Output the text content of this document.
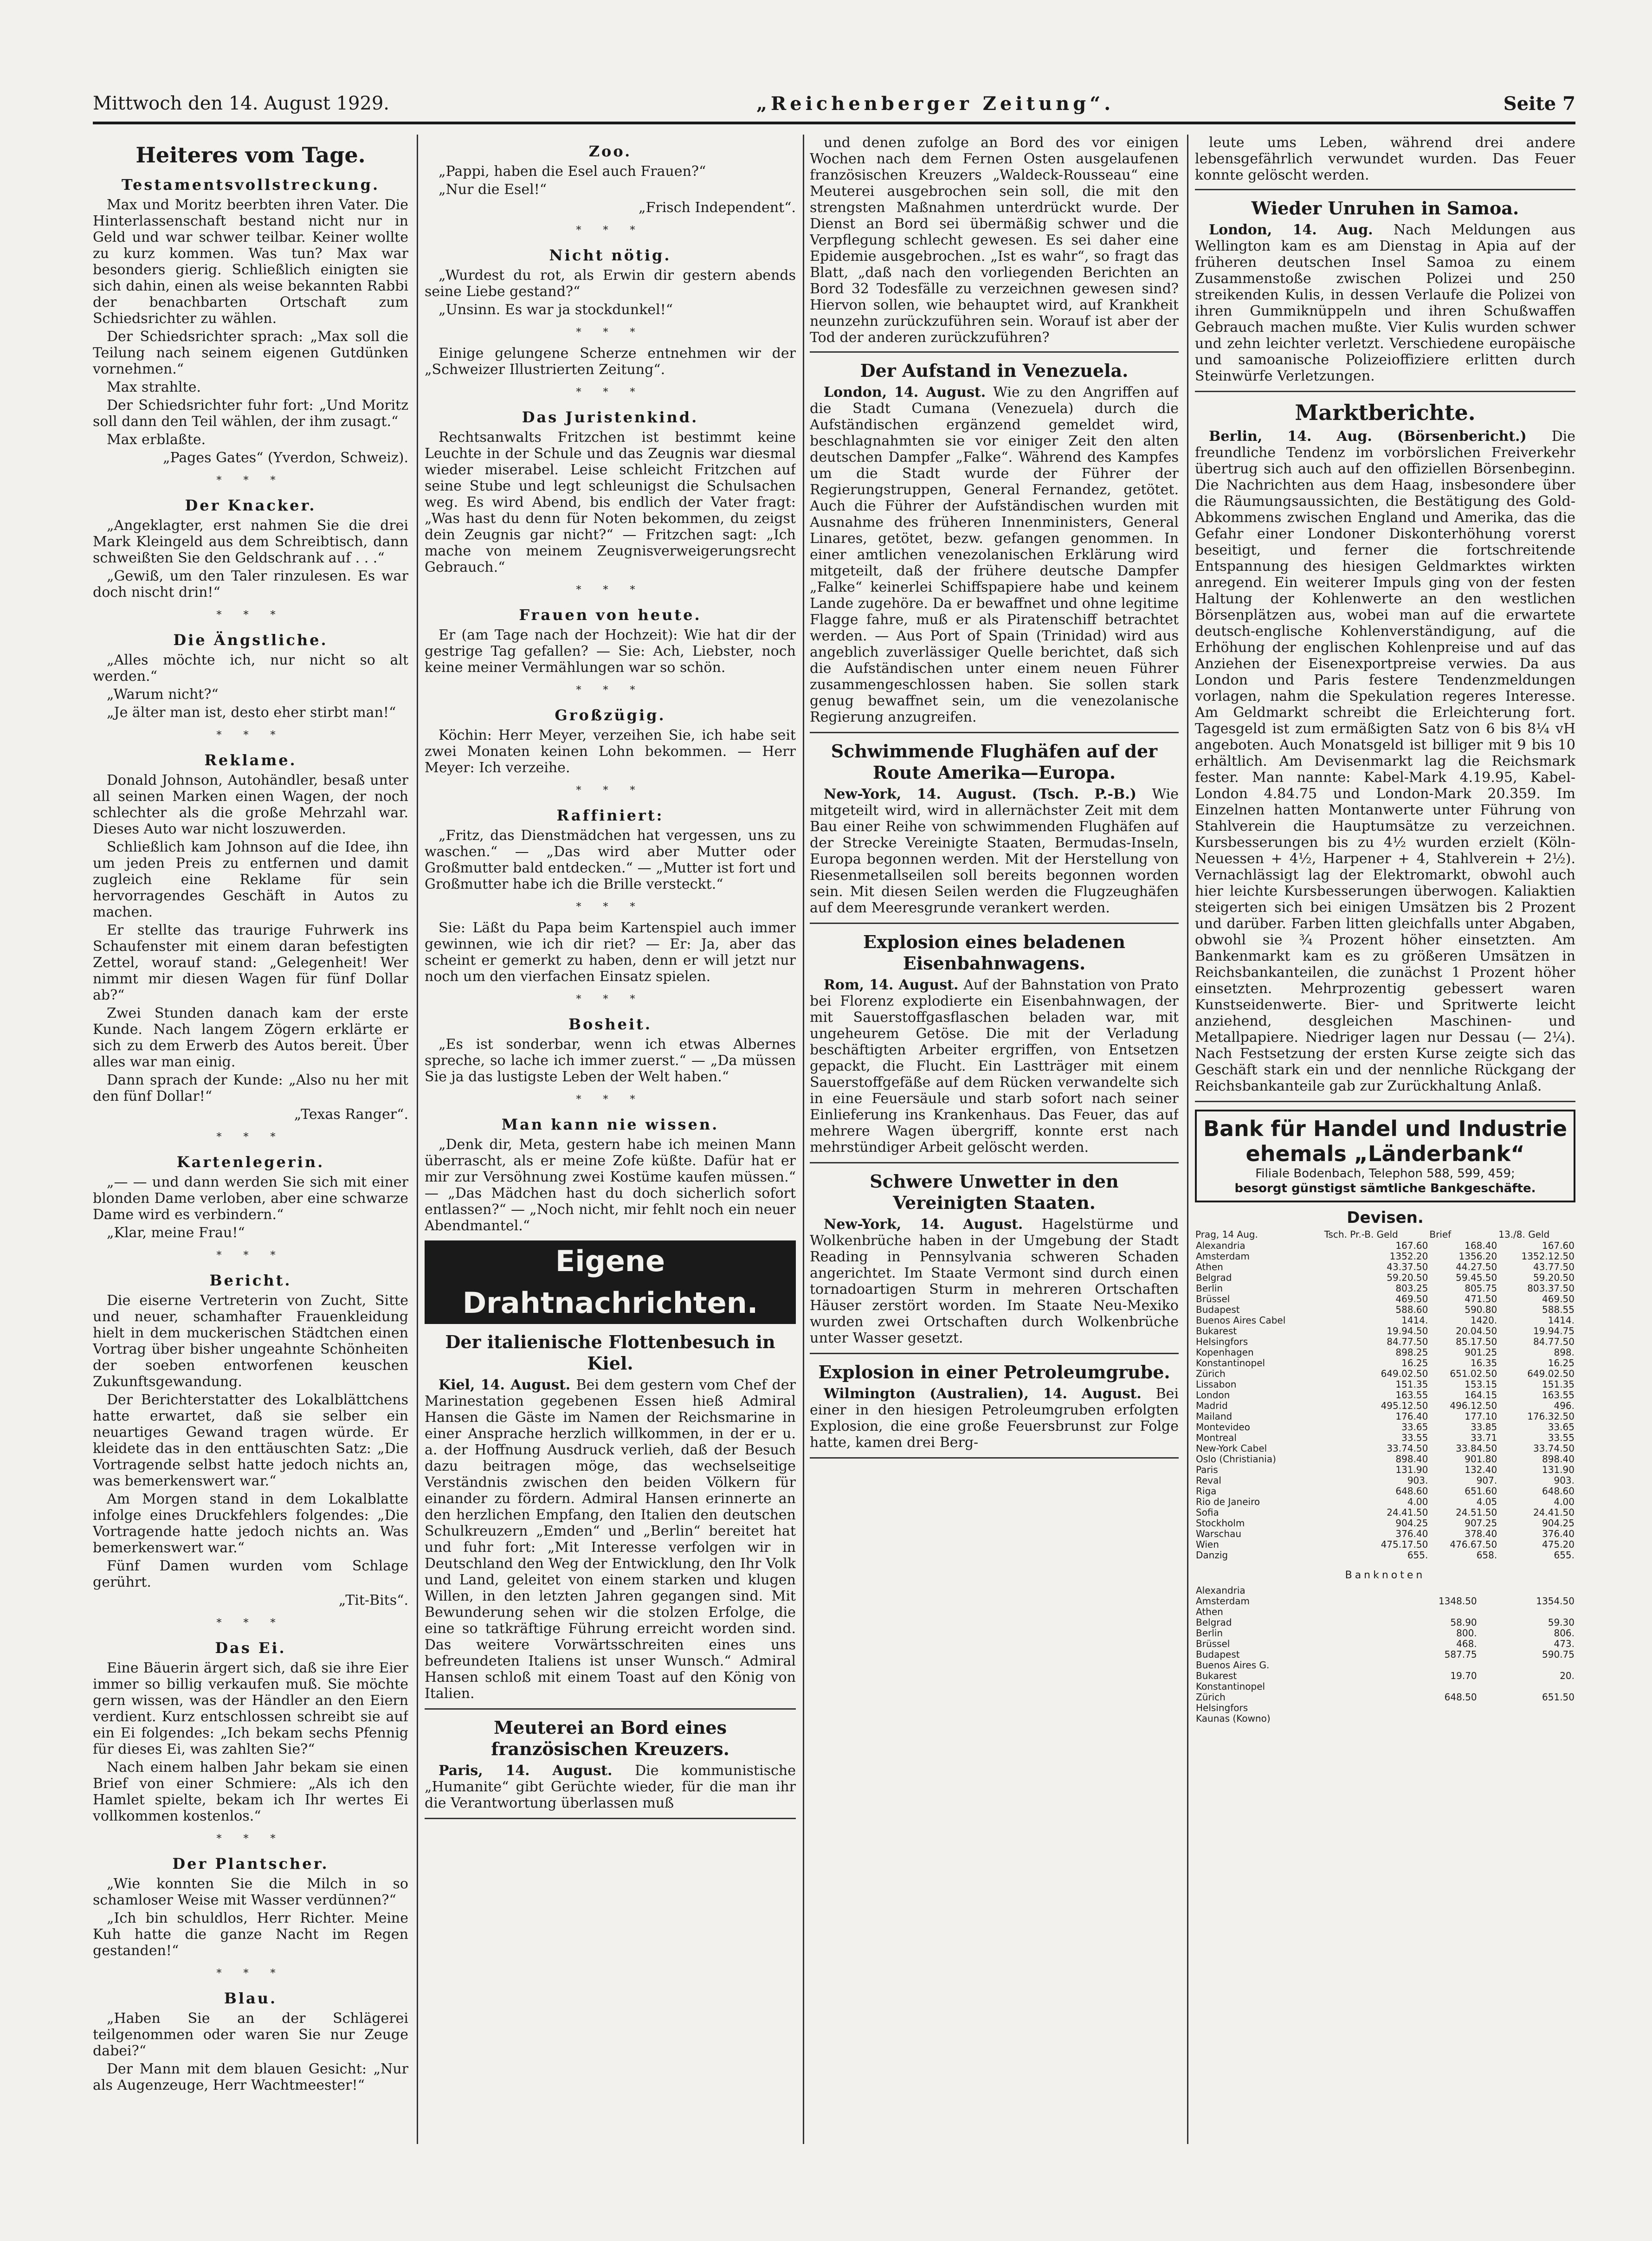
Mittwoch den 14. August 1929.	„Reichenberger Zeitung“.	Seite 7
Heiteres vom Tage.
Testamentsvollstreckung.

Max und Moritz beerbten ihren Vater. Die Hinterlassenschaft bestand nicht nur in Geld und war schwer teilbar. Keiner wollte zu kurz kommen. Was tun? Max war besonders gierig. Schließlich einigten sie sich dahin, einen als weise bekannten Rabbi der benachbarten Ortschaft zum Schiedsrichter zu wählen.

Der Schiedsrichter sprach: „Max soll die Teilung nach seinem eigenen Gutdünken vornehmen.“

Max strahlte.

Der Schiedsrichter fuhr fort: „Und Moritz soll dann den Teil wählen, der ihm zusagt.“

Max erblaßte.

„Pages Gates“ (Yverdon, Schweiz).

* * *
Der Knacker.

„Angeklagter, erst nahmen Sie die drei Mark Kleingeld aus dem Schreibtisch, dann schweißten Sie den Geldschrank auf . . .“

„Gewiß, um den Taler rinzulesen. Es war doch nischt drin!“

* * *
Die Ängstliche.

„Alles möchte ich, nur nicht so alt werden.“

„Warum nicht?“

„Je älter man ist, desto eher stirbt man!“

* * *
Reklame.

Donald Johnson, Autohändler, besaß unter all seinen Marken einen Wagen, der noch schlechter als die große Mehrzahl war. Dieses Auto war nicht loszuwerden.

Schließlich kam Johnson auf die Idee, ihn um jeden Preis zu entfernen und damit zugleich eine Reklame für sein hervorragendes Geschäft in Autos zu machen.

Er stellte das traurige Fuhrwerk ins Schaufenster mit einem daran befestigten Zettel, worauf stand: „Gelegenheit! Wer nimmt mir diesen Wagen für fünf Dollar ab?“

Zwei Stunden danach kam der erste Kunde. Nach langem Zögern erklärte er sich zu dem Erwerb des Autos bereit. Über alles war man einig.

Dann sprach der Kunde: „Also nu her mit den fünf Dollar!“

„Texas Ranger“.

* * *
Kartenlegerin.

„— — und dann werden Sie sich mit einer blonden Dame verloben, aber eine schwarze Dame wird es verbindern.“

„Klar, meine Frau!“

* * *
Bericht.

Die eiserne Vertreterin von Zucht, Sitte und neuer, schamhafter Frauenkleidung hielt in dem muckerischen Städtchen einen Vortrag über bisher ungeahnte Schönheiten der soeben entworfenen keuschen Zukunftsgewandung.

Der Berichterstatter des Lokalblättchens hatte erwartet, daß sie selber ein neuartiges Gewand tragen würde. Er kleidete das in den enttäuschten Satz: „Die Vortragende selbst hatte jedoch nichts an, was bemerkenswert war.“

Am Morgen stand in dem Lokalblatte infolge eines Druckfehlers folgendes: „Die Vortragende hatte jedoch nichts an. Was bemerkenswert war.“

Fünf Damen wurden vom Schlage gerührt.

„Tit-Bits“.

* * *
Das Ei.

Eine Bäuerin ärgert sich, daß sie ihre Eier immer so billig verkaufen muß. Sie möchte gern wissen, was der Händler an den Eiern verdient. Kurz entschlossen schreibt sie auf ein Ei folgendes: „Ich bekam sechs Pfennig für dieses Ei, was zahlten Sie?“

Nach einem halben Jahr bekam sie einen Brief von einer Schmiere: „Als ich den Hamlet spielte, bekam ich Ihr wertes Ei vollkommen kostenlos.“

* * *
Der Plantscher.

„Wie konnten Sie die Milch in so schamloser Weise mit Wasser verdünnen?“

„Ich bin schuldlos, Herr Richter. Meine Kuh hatte die ganze Nacht im Regen gestanden!“

* * *
Blau.

„Haben Sie an der Schlägerei teilgenommen oder waren Sie nur Zeuge dabei?“

Der Mann mit dem blauen Gesicht: „Nur als Augenzeuge, Herr Wachtmeester!“

Zoo.

„Pappi, haben die Esel auch Frauen?“

„Nur die Esel!“

„Frisch Independent“.

* * *
Nicht nötig.

„Wurdest du rot, als Erwin dir gestern abends seine Liebe gestand?“

„Unsinn. Es war ja stockdunkel!“

* * *

Einige gelungene Scherze entnehmen wir der „Schweizer Illustrierten Zeitung“.

* * *
Das Juristenkind.

Rechtsanwalts Fritzchen ist bestimmt keine Leuchte in der Schule und das Zeugnis war diesmal wieder miserabel. Leise schleicht Fritzchen auf seine Stube und legt schleunigst die Schulsachen weg. Es wird Abend, bis endlich der Vater fragt: „Was hast du denn für Noten bekommen, du zeigst dein Zeugnis gar nicht?“ — Fritzchen sagt: „Ich mache von meinem Zeugnisverweigerungsrecht Gebrauch.“

* * *
Frauen von heute.

Er (am Tage nach der Hochzeit): Wie hat dir der gestrige Tag gefallen? — Sie: Ach, Liebster, noch keine meiner Vermählungen war so schön.

* * *
Großzügig.

Köchin: Herr Meyer, verzeihen Sie, ich habe seit zwei Monaten keinen Lohn bekommen. — Herr Meyer: Ich verzeihe.

* * *
Raffiniert:

„Fritz, das Dienstmädchen hat vergessen, uns zu waschen.“ — „Das wird aber Mutter oder Großmutter bald entdecken.“ — „Mutter ist fort und Großmutter habe ich die Brille versteckt.“

* * *

Sie: Läßt du Papa beim Kartenspiel auch immer gewinnen, wie ich dir riet? — Er: Ja, aber das scheint er gemerkt zu haben, denn er will jetzt nur noch um den vierfachen Einsatz spielen.

* * *
Bosheit.

„Es ist sonderbar, wenn ich etwas Albernes spreche, so lache ich immer zuerst.“ — „Da müssen Sie ja das lustigste Leben der Welt haben.“

* * *
Man kann nie wissen.

„Denk dir, Meta, gestern habe ich meinen Mann überrascht, als er meine Zofe küßte. Dafür hat er mir zur Versöhnung zwei Kostüme kaufen müssen.“ — „Das Mädchen hast du doch sicherlich sofort entlassen?“ — „Noch nicht, mir fehlt noch ein neuer Abendmantel.“

Eigene Drahtnachrichten.
Der italienische Flottenbesuch in Kiel.

Kiel, 14. August. Bei dem gestern vom Chef der Marinestation gegebenen Essen hieß Admiral Hansen die Gäste im Namen der Reichsmarine in einer Ansprache herzlich willkommen, in der er u. a. der Hoffnung Ausdruck verlieh, daß der Besuch dazu beitragen möge, das wechselseitige Verständnis zwischen den beiden Völkern für einander zu fördern. Admiral Hansen erinnerte an den herzlichen Empfang, den Italien den deutschen Schulkreuzern „Emden“ und „Berlin“ bereitet hat und fuhr fort: „Mit Interesse verfolgen wir in Deutschland den Weg der Entwicklung, den Ihr Volk und Land, geleitet von einem starken und klugen Willen, in den letzten Jahren gegangen sind. Mit Bewunderung sehen wir die stolzen Erfolge, die eine so tatkräftige Führung erreicht worden sind. Das weitere Vorwärtsschreiten eines uns befreundeten Italiens ist unser Wunsch.“ Admiral Hansen schloß mit einem Toast auf den König von Italien.

Meuterei an Bord eines französischen Kreuzers.

Paris, 14. August. Die kommunistische „Humanite“ gibt Gerüchte wieder, für die man ihr die Verantwortung überlassen muß

und denen zufolge an Bord des vor einigen Wochen nach dem Fernen Osten ausgelaufenen französischen Kreuzers „Waldeck-Rousseau“ eine Meuterei ausgebrochen sein soll, die mit den strengsten Maßnahmen unterdrückt wurde. Der Dienst an Bord sei übermäßig schwer und die Verpflegung schlecht gewesen. Es sei daher eine Epidemie ausgebrochen. „Ist es wahr“, so fragt das Blatt, „daß nach den vorliegenden Berichten an Bord 32 Todesfälle zu verzeichnen gewesen sind? Hiervon sollen, wie behauptet wird, auf Krankheit neunzehn zurückzuführen sein. Worauf ist aber der Tod der anderen zurückzuführen?

Der Aufstand in Venezuela.

London, 14. August. Wie zu den Angriffen auf die Stadt Cumana (Venezuela) durch die Aufständischen ergänzend gemeldet wird, beschlagnahmten sie vor einiger Zeit den alten deutschen Dampfer „Falke“. Während des Kampfes um die Stadt wurde der Führer der Regierungstruppen, General Fernandez, getötet. Auch die Führer der Aufständischen wurden mit Ausnahme des früheren Innenministers, General Linares, getötet, bezw. gefangen genommen. In einer amtlichen venezolanischen Erklärung wird mitgeteilt, daß der frühere deutsche Dampfer „Falke“ keinerlei Schiffspapiere habe und keinem Lande zugehöre. Da er bewaffnet und ohne legitime Flagge fahre, muß er als Piratenschiff betrachtet werden. — Aus Port of Spain (Trinidad) wird aus angeblich zuverlässiger Quelle berichtet, daß sich die Aufständischen unter einem neuen Führer zusammengeschlossen haben. Sie sollen stark genug bewaffnet sein, um die venezolanische Regierung anzugreifen.

Schwimmende Flughäfen auf der Route Amerika—Europa.

New-York, 14. August. (Tsch. P.-B.) Wie mitgeteilt wird, wird in allernächster Zeit mit dem Bau einer Reihe von schwimmenden Flughäfen auf der Strecke Vereinigte Staaten, Bermudas-Inseln, Europa begonnen werden. Mit der Herstellung von Riesenmetallseilen soll bereits begonnen worden sein. Mit diesen Seilen werden die Flugzeughäfen auf dem Meeresgrunde verankert werden.

Explosion eines beladenen Eisenbahnwagens.

Rom, 14. August. Auf der Bahnstation von Prato bei Florenz explodierte ein Eisenbahnwagen, der mit Sauerstoffgasflaschen beladen war, mit ungeheurem Getöse. Die mit der Verladung beschäftigten Arbeiter ergriffen, von Entsetzen gepackt, die Flucht. Ein Lastträger mit einem Sauerstoffgefäße auf dem Rücken verwandelte sich in eine Feuersäule und starb sofort nach seiner Einlieferung ins Krankenhaus. Das Feuer, das auf mehrere Wagen übergriff, konnte erst nach mehrstündiger Arbeit gelöscht werden.

Schwere Unwetter in den Vereinigten Staaten.

New-York, 14. August. Hagelstürme und Wolkenbrüche haben in der Umgebung der Stadt Reading in Pennsylvania schweren Schaden angerichtet. Im Staate Vermont sind durch einen tornadoartigen Sturm in mehreren Ortschaften Häuser zerstört worden. Im Staate Neu-Mexiko wurden zwei Ortschaften durch Wolkenbrüche unter Wasser gesetzt.

Explosion in einer Petroleumgrube.

Wilmington (Australien), 14. August. Bei einer in den hiesigen Petroleumgruben erfolgten Explosion, die eine große Feuersbrunst zur Folge hatte, kamen drei Berg-

leute ums Leben, während drei andere lebensgefährlich verwundet wurden. Das Feuer konnte gelöscht werden.

Wieder Unruhen in Samoa.

London, 14. Aug. Nach Meldungen aus Wellington kam es am Dienstag in Apia auf der früheren deutschen Insel Samoa zu einem Zusammenstoße zwischen Polizei und 250 streikenden Kulis, in dessen Verlaufe die Polizei von ihren Gummiknüppeln und ihren Schußwaffen Gebrauch machen mußte. Vier Kulis wurden schwer und zehn leichter verletzt. Verschiedene europäische und samoanische Polizeioffiziere erlitten durch Steinwürfe Verletzungen.

Marktberichte.

Berlin, 14. Aug. (Börsenbericht.) Die freundliche Tendenz im vorbörslichen Freiverkehr übertrug sich auch auf den offiziellen Börsenbeginn. Die Nachrichten aus dem Haag, insbesondere über die Räumungsaussichten, die Bestätigung des Gold-Abkommens zwischen England und Amerika, das die Gefahr einer Londoner Diskonterhöhung vorerst beseitigt, und ferner die fortschreitende Entspannung des hiesigen Geldmarktes wirkten anregend. Ein weiterer Impuls ging von der festen Haltung der Kohlenwerte an den westlichen Börsenplätzen aus, wobei man auf die erwartete deutsch-englische Kohlenverständigung, auf die Erhöhung der englischen Kohlenpreise und auf das Anziehen der Eisenexportpreise verwies. Da aus London und Paris festere Tendenzmeldungen vorlagen, nahm die Spekulation regeres Interesse. Am Geldmarkt schreibt die Erleichterung fort. Tagesgeld ist zum ermäßigten Satz von 6 bis 8¼ vH angeboten. Auch Monatsgeld ist billiger mit 9 bis 10 erhältlich. Am Devisenmarkt lag die Reichsmark fester. Man nannte: Kabel-Mark 4.19.95, Kabel-London 4.84.75 und London-Mark 20.359. Im Einzelnen hatten Montanwerte unter Führung von Stahlverein die Hauptumsätze zu verzeichnen. Kursbesserungen bis zu 4½ wurden erzielt (Köln-Neuessen + 4½, Harpener + 4, Stahlverein + 2½). Vernachlässigt lag der Elektromarkt, obwohl auch hier leichte Kursbesserungen überwogen. Kaliaktien steigerten sich bei einigen Umsätzen bis 2 Prozent und darüber. Farben litten gleichfalls unter Abgaben, obwohl sie ¾ Prozent höher einsetzten. Am Bankenmarkt kam es zu größeren Umsätzen in Reichsbankanteilen, die zunächst 1 Prozent höher einsetzten. Mehrprozentig gebessert waren Kunstseidenwerte. Bier- und Spritwerte leicht anziehend, desgleichen Maschinen- und Metallpapiere. Niedriger lagen nur Dessau (— 2¼). Nach Festsetzung der ersten Kurse zeigte sich das Geschäft stark ein und der nennliche Rückgang der Reichsbankanteile gab zur Zurückhaltung Anlaß.

Bank für Handel und Industrie
ehemals „Länderbank“
Filiale Bodenbach, Telephon 588, 599, 459;
besorgt günstigst sämtliche Bankgeschäfte.
Devisen.
Prag, 14 Aug.	Tsch. Pr.-B. Geld	Brief	13./8. Geld
Alexandria	167.60	168.40	167.60
Amsterdam	1352.20	1356.20	1352.12.50
Athen	43.37.50	44.27.50	43.77.50
Belgrad	59.20.50	59.45.50	59.20.50
Berlin	803.25	805.75	803.37.50
Brüssel	469.50	471.50	469.50
Budapest	588.60	590.80	588.55
Buenos Aires Cabel	1414.	1420.	1414.
Bukarest	19.94.50	20.04.50	19.94.75
Helsingfors	84.77.50	85.17.50	84.77.50
Kopenhagen	898.25	901.25	898.
Konstantinopel	16.25	16.35	16.25
Zürich	649.02.50	651.02.50	649.02.50
Lissabon	151.35	153.15	151.35
London	163.55	164.15	163.55
Madrid	495.12.50	496.12.50	496.
Mailand	176.40	177.10	176.32.50
Montevideo	33.65	33.85	33.65
Montreal	33.55	33.71	33.55
New-York Cabel	33.74.50	33.84.50	33.74.50
Oslo (Christiania)	898.40	901.80	898.40
Paris	131.90	132.40	131.90
Reval	903.	907.	903.
Riga	648.60	651.60	648.60
Rio de Janeiro	4.00	4.05	4.00
Sofia	24.41.50	24.51.50	24.41.50
Stockholm	904.25	907.25	904.25
Warschau	376.40	378.40	376.40
Wien	475.17.50	476.67.50	475.20
Danzig	655.	658.	655.
Banknoten
Alexandria		
Amsterdam	1348.50	1354.50
Athen		
Belgrad	58.90	59.30
Berlin	800.	806.
Brüssel	468.	473.
Budapest	587.75	590.75
Buenos Aires G.		
Bukarest	19.70	20.
Konstantinopel		
Zürich	648.50	651.50
Helsingfors		
Kaunas (Kowno)		
